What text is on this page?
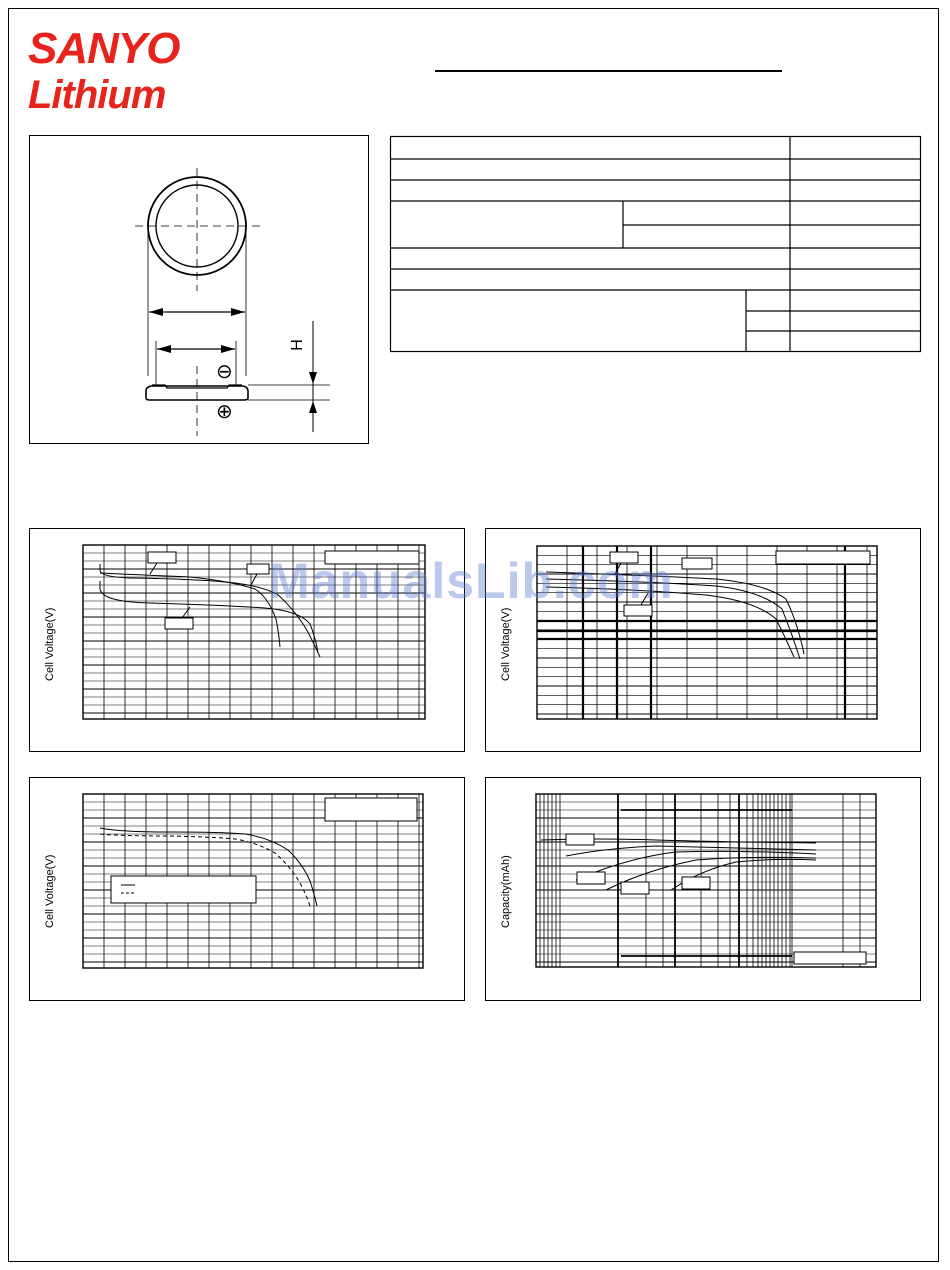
SANYO
Lithium
H
⊖
⊕
Cell Voltage(V)	Cell Voltage(V)
Cell Voltage(V)	Capacity(mAh)
ManualsLib.com
